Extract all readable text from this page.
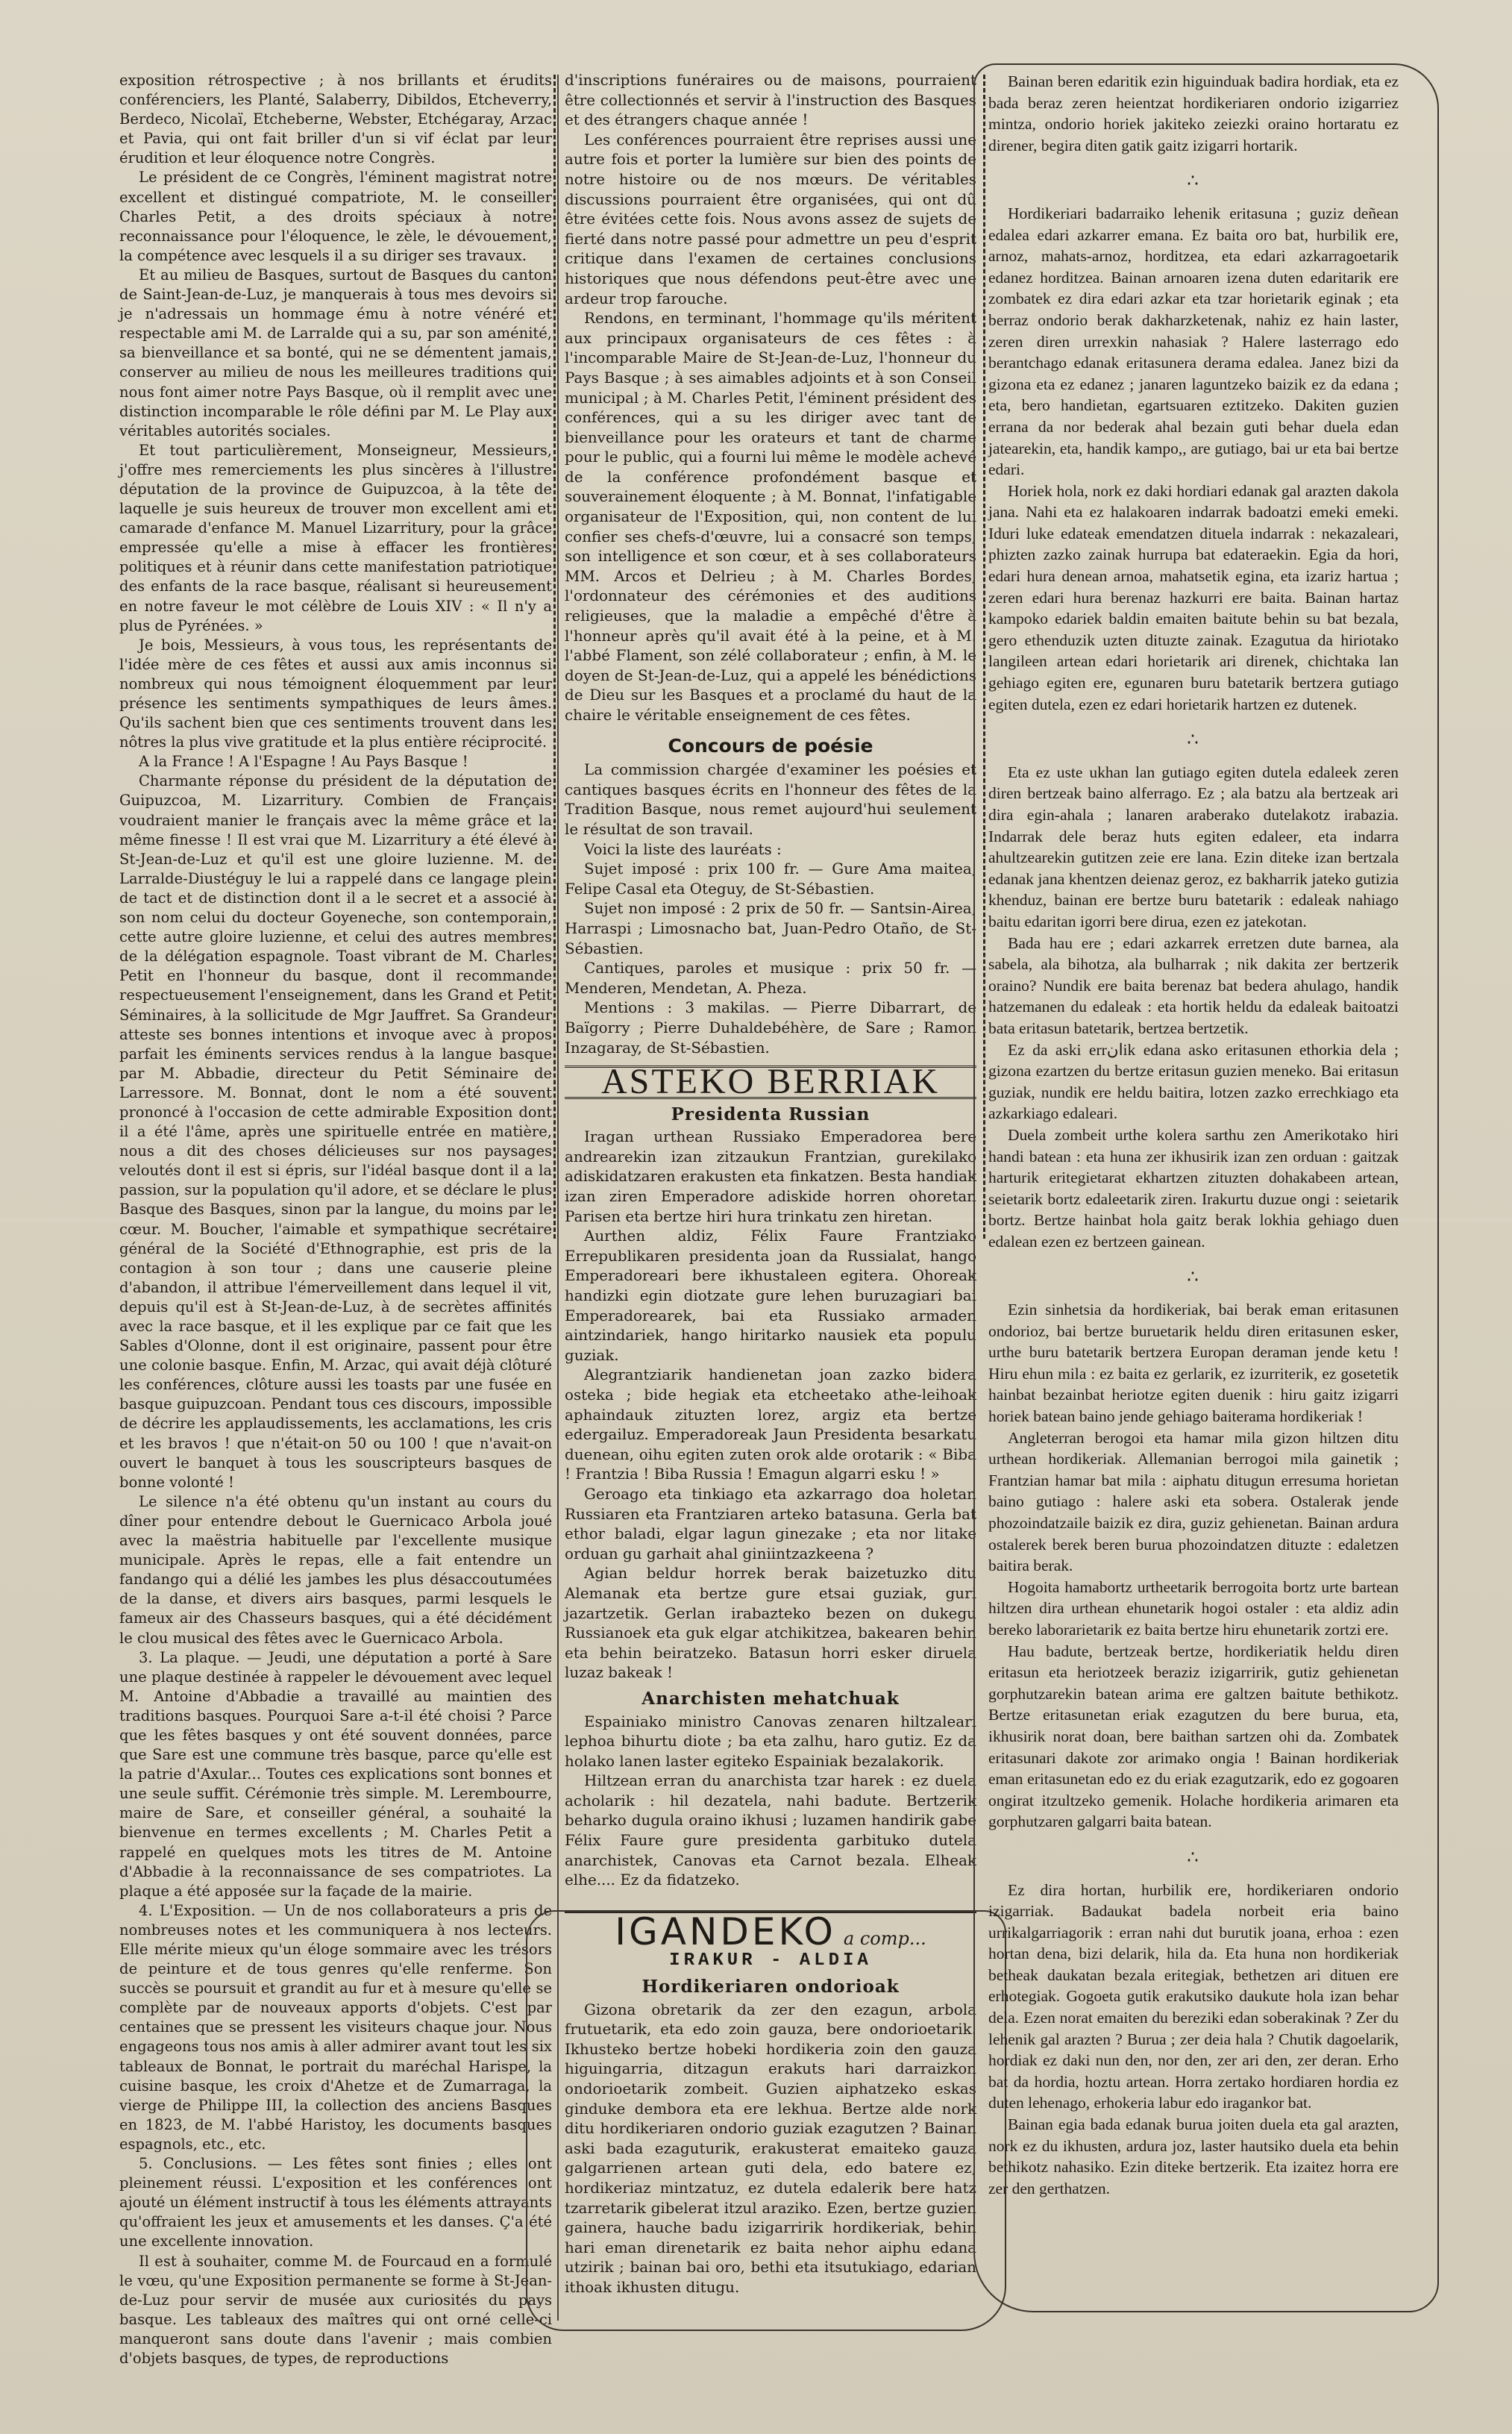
exposition rétrospective ; à nos brillants et érudits conférenciers, les Planté, Salaberry, Dibildos, Etcheverry, Berdeco, Nicolaï, Etcheberne, Webster, Etchégaray, Arzac et Pavia, qui ont fait briller d'un si vif éclat par leur érudition et leur éloquence notre Congrès.

Le président de ce Congrès, l'éminent magistrat notre excellent et distingué compatriote, M. le conseiller Charles Petit, a des droits spéciaux à notre reconnaissance pour l'éloquence, le zèle, le dévouement, la compétence avec lesquels il a su diriger ses travaux.

Et au milieu de Basques, surtout de Basques du canton de Saint-Jean-de-Luz, je manquerais à tous mes devoirs si je n'adressais un hommage ému à notre vénéré et respectable ami M. de Larralde qui a su, par son aménité, sa bienveillance et sa bonté, qui ne se démentent jamais, conserver au milieu de nous les meilleures traditions qui nous font aimer notre Pays Basque, où il remplit avec une distinction incomparable le rôle défini par M. Le Play aux véritables autorités sociales.

Et tout particulièrement, Monseigneur, Messieurs, j'offre mes remerciements les plus sincères à l'illustre députation de la province de Guipuzcoa, à la tête de laquelle je suis heureux de trouver mon excellent ami et camarade d'enfance M. Manuel Lizarritury, pour la grâce empressée qu'elle a mise à effacer les frontières politiques et à réunir dans cette manifestation patriotique des enfants de la race basque, réalisant si heureusement en notre faveur le mot célèbre de Louis XIV : « Il n'y a plus de Pyrénées. »

Je bois, Messieurs, à vous tous, les représentants de l'idée mère de ces fêtes et aussi aux amis inconnus si nombreux qui nous témoignent éloquemment par leur présence les sentiments sympathiques de leurs âmes. Qu'ils sachent bien que ces sentiments trouvent dans les nôtres la plus vive gratitude et la plus entière réciprocité.

A la France ! A l'Espagne ! Au Pays Basque !

Charmante réponse du président de la députation de Guipuzcoa, M. Lizarritury. Combien de Français voudraient manier le français avec la même grâce et la même finesse ! Il est vrai que M. Lizarritury a été élevé à St-Jean-de-Luz et qu'il est une gloire luzienne. M. de Larralde-Diustéguy le lui a rappelé dans ce langage plein de tact et de distinction dont il a le secret et a associé à son nom celui du docteur Goyeneche, son contemporain, cette autre gloire luzienne, et celui des autres membres de la délégation espagnole. Toast vibrant de M. Charles Petit en l'honneur du basque, dont il recommande respectueusement l'enseignement, dans les Grand et Petit Séminaires, à la sollicitude de Mgr Jauffret. Sa Grandeur atteste ses bonnes intentions et invoque avec à propos parfait les éminents services rendus à la langue basque par M. Abbadie, directeur du Petit Séminaire de Larressore. M. Bonnat, dont le nom a été souvent prononcé à l'occasion de cette admirable Exposition dont il a été l'âme, après une spirituelle entrée en matière, nous a dit des choses délicieuses sur nos paysages veloutés dont il est si épris, sur l'idéal basque dont il a la passion, sur la population qu'il adore, et se déclare le plus Basque des Basques, sinon par la langue, du moins par le cœur. M. Boucher, l'aimable et sympathique secrétaire général de la Société d'Ethnographie, est pris de la contagion à son tour ; dans une causerie pleine d'abandon, il attribue l'émerveillement dans lequel il vit, depuis qu'il est à St-Jean-de-Luz, à de secrètes affinités avec la race basque, et il les explique par ce fait que les Sables d'Olonne, dont il est originaire, passent pour être une colonie basque. Enfin, M. Arzac, qui avait déjà clôturé les conférences, clôture aussi les toasts par une fusée en basque guipuzcoan. Pendant tous ces discours, impossible de décrire les applaudissements, les acclamations, les cris et les bravos ! que n'était-on 50 ou 100 ! que n'avait-on ouvert le banquet à tous les souscripteurs basques de bonne volonté !

Le silence n'a été obtenu qu'un instant au cours du dîner pour entendre debout le Guernicaco Arbola joué avec la maëstria habituelle par l'excellente musique municipale. Après le repas, elle a fait entendre un fandango qui a délié les jambes les plus désaccoutumées de la danse, et divers airs basques, parmi lesquels le fameux air des Chasseurs basques, qui a été décidément le clou musical des fêtes avec le Guernicaco Arbola.

3. La plaque. — Jeudi, une députation a porté à Sare une plaque destinée à rappeler le dévouement avec lequel M. Antoine d'Abbadie a travaillé au maintien des traditions basques. Pourquoi Sare a-t-il été choisi ? Parce que les fêtes basques y ont été souvent données, parce que Sare est une commune très basque, parce qu'elle est la patrie d'Axular... Toutes ces explications sont bonnes et une seule suffit. Cérémonie très simple. M. Lerembourre, maire de Sare, et conseiller général, a souhaité la bienvenue en termes excellents ; M. Charles Petit a rappelé en quelques mots les titres de M. Antoine d'Abbadie à la reconnaissance de ses compatriotes. La plaque a été apposée sur la façade de la mairie.

4. L'Exposition. — Un de nos collaborateurs a pris de nombreuses notes et les communiquera à nos lecteurs. Elle mérite mieux qu'un éloge sommaire avec les trésors de peinture et de tous genres qu'elle renferme. Son succès se poursuit et grandit au fur et à mesure qu'elle se complète par de nouveaux apports d'objets. C'est par centaines que se pressent les visiteurs chaque jour. Nous engageons tous nos amis à aller admirer avant tout les six tableaux de Bonnat, le portrait du maréchal Harispe, la cuisine basque, les croix d'Ahetze et de Zumarraga, la vierge de Philippe III, la collection des anciens Basques en 1823, de M. l'abbé Haristoy, les documents basques espagnols, etc., etc.

5. Conclusions. — Les fêtes sont finies ; elles ont pleinement réussi. L'exposition et les conférences ont ajouté un élément instructif à tous les éléments attrayants qu'offraient les jeux et amusements et les danses. Ç'a été une excellente innovation.

Il est à souhaiter, comme M. de Fourcaud en a formulé le vœu, qu'une Exposition permanente se forme à St-Jean-de-Luz pour servir de musée aux curiosités du pays basque. Les tableaux des maîtres qui ont orné celle-ci manqueront sans doute dans l'avenir ; mais combien d'objets basques, de types, de reproductions

d'inscriptions funéraires ou de maisons, pourraient être collectionnés et servir à l'instruction des Basques et des étrangers chaque année !

Les conférences pourraient être reprises aussi une autre fois et porter la lumière sur bien des points de notre histoire ou de nos mœurs. De véritables discussions pourraient être organisées, qui ont dû être évitées cette fois. Nous avons assez de sujets de fierté dans notre passé pour admettre un peu d'esprit critique dans l'examen de certaines conclusions historiques que nous défendons peut-être avec une ardeur trop farouche.

Rendons, en terminant, l'hommage qu'ils méritent aux principaux organisateurs de ces fêtes : à l'incomparable Maire de St-Jean-de-Luz, l'honneur du Pays Basque ; à ses aimables adjoints et à son Conseil municipal ; à M. Charles Petit, l'éminent président des conférences, qui a su les diriger avec tant de bienveillance pour les orateurs et tant de charme pour le public, qui a fourni lui même le modèle achevé de la conférence profondément basque et souverainement éloquente ; à M. Bonnat, l'infatigable organisateur de l'Exposition, qui, non content de lui confier ses chefs-d'œuvre, lui a consacré son temps, son intelligence et son cœur, et à ses collaborateurs MM. Arcos et Delrieu ; à M. Charles Bordes, l'ordonnateur des cérémonies et des auditions religieuses, que la maladie a empêché d'être à l'honneur après qu'il avait été à la peine, et à M. l'abbé Flament, son zélé collaborateur ; enfin, à M. le doyen de St-Jean-de-Luz, qui a appelé les bénédictions de Dieu sur les Basques et a proclamé du haut de la chaire le véritable enseignement de ces fêtes.

Concours de poésie

La commission chargée d'examiner les poésies et cantiques basques écrits en l'honneur des fêtes de la Tradition Basque, nous remet aujourd'hui seulement le résultat de son travail.

Voici la liste des lauréats :

Sujet imposé : prix 100 fr. — Gure Ama maitea, Felipe Casal eta Oteguy, de St-Sébastien.

Sujet non imposé : 2 prix de 50 fr. — Santsin-Airea, Harraspi ; Limosnacho bat, Juan-Pedro Otaño, de St-Sébastien.

Cantiques, paroles et musique : prix 50 fr. — Menderen, Mendetan, A. Pheza.

Mentions : 3 makilas. — Pierre Dibarrart, de Baïgorry ; Pierre Duhaldebéhère, de Sare ; Ramon Inzagaray, de St-Sébastien.

ASTEKO BERRIAK
Presidenta Russian

Iragan urthean Russiako Emperadorea bere andrearekin izan zitzaukun Frantzian, gurekilako adiskidatzaren erakusten eta finkatzen. Besta handiak izan ziren Emperadore adiskide horren ohoretan Parisen eta bertze hiri hura trinkatu zen hiretan.

Aurthen aldiz, Félix Faure Frantziako Errepublikaren presidenta joan da Russialat, hango Emperadoreari bere ikhustaleen egitera. Ohoreak handizki egin diotzate gure lehen buruzagiari bai Emperadorearek, bai eta Russiako armaden aintzindariek, hango hiritarko nausiek eta populu guziak.

Alegrantziarik handienetan joan zazko bidera osteka ; bide hegiak eta etcheetako athe-leihoak aphaindauk zituzten lorez, argiz eta bertze edergailuz. Emperadoreak Jaun Presidenta besarkatu duenean, oihu egiten zuten orok alde orotarik : « Biba ! Frantzia ! Biba Russia ! Emagun algarri esku ! »

Geroago eta tinkiago eta azkarrago doa holetan Russiaren eta Frantziaren arteko batasuna. Gerla bat ethor baladi, elgar lagun ginezake ; eta nor litake orduan gu garhait ahal giniintzazkeena ?

Agian beldur horrek berak baizetuzko ditu Alemanak eta bertze gure etsai guziak, guri jazartzetik. Gerlan irabazteko bezen on dukegu Russianoek eta guk elgar atchikitzea, bakearen behin eta behin beiratzeko. Batasun horri esker diruela luzaz bakeak !

Anarchisten mehatchuak

Espainiako ministro Canovas zenaren hiltzaleari lephoa bihurtu diote ; ba eta zalhu, haro gutiz. Ez da holako lanen laster egiteko Espainiak bezalakorik.

Hiltzean erran du anarchista tzar harek : ez duela acholarik : hil dezatela, nahi badute. Bertzerik beharko dugula oraino ikhusi ; luzamen handirik gabe Félix Faure gure presidenta garbituko dutela anarchistek, Canovas eta Carnot bezala. Elheak elhe.... Ez da fidatzeko.

IGANDEKO a comp...
IRAKUR - ALDIA
Hordikeriaren ondorioak

Gizona obretarik da zer den ezagun, arbola frutuetarik, eta edo zoin gauza, bere ondorioetarik. Ikhusteko bertze hobeki hordikeria zoin den gauza higuingarria, ditzagun erakuts hari darraizkon ondorioetarik zombeit. Guzien aiphatzeko eskas ginduke dembora eta ere lekhua. Bertze alde nork ditu hordikeriaren ondorio guziak ezagutzen ? Bainan aski bada ezaguturik, erakusterat emaiteko gauza galgarrienen artean guti dela, edo batere ez, hordikeriaz mintzatuz, ez dutela edalerik bere hatz tzarretarik gibelerat itzul araziko. Ezen, bertze guzien gainera, hauche badu izigarririk hordikeriak, behin hari eman direnetarik ez baita nehor aiphu edana utzirik ; bainan bai oro, bethi eta itsutukiago, edarian ithoak ikhusten ditugu.

Bainan beren edaritik ezin higuinduak badira hordiak, eta ez bada beraz zeren heientzat hordikeriaren ondorio izigarriez mintza, ondorio horiek jakiteko zeiezki oraino hortaratu ez direner, begira diten gatik gaitz izigarri hortarik.

∴

Hordikeriari badarraiko lehenik eritasuna ; guziz deñean edalea edari azkarrer emana. Ez baita oro bat, hurbilik ere, arnoz, mahats-arnoz, horditzea, eta edari azkarragoetarik edanez horditzea. Bainan arnoaren izena duten edaritarik ere zombatek ez dira edari azkar eta tzar horietarik eginak ; eta berraz ondorio berak dakharzketenak, nahiz ez hain laster, zeren diren urrexkin nahasiak ? Halere lasterrago edo berantchago edanak eritasunera derama edalea. Janez bizi da gizona eta ez edanez ; janaren laguntzeko baizik ez da edana ; eta, bero handietan, egartsuaren eztitzeko. Dakiten guzien errana da nor bederak ahal bezain guti behar duela edan jatearekin, eta, handik kampo,, are gutiago, bai ur eta bai bertze edari.

Horiek hola, nork ez daki hordiari edanak gal arazten dakola jana. Nahi eta ez halakoaren indarrak badoatzi emeki emeki. Iduri luke edateak emendatzen dituela indarrak : nekazaleari, phizten zazko zainak hurrupa bat edateraekin. Egia da hori, edari hura denean arnoa, mahatsetik egina, eta izariz hartua ; zeren edari hura berenaz hazkurri ere baita. Bainan hartaz kampoko edariek baldin emaiten baitute behin su bat bezala, gero ethenduzik uzten dituzte zainak. Ezagutua da hiriotako langileen artean edari horietarik ari direnek, chichtaka lan gehiago egiten ere, egunaren buru batetarik bertzera gutiago egiten dutela, ezen ez edari horietarik hartzen ez dutenek.

∴

Eta ez uste ukhan lan gutiago egiten dutela edaleek zeren diren bertzeak baino alferrago. Ez ; ala batzu ala bertzeak ari dira egin-ahala ; lanaren araberako dutelakotz irabazia. Indarrak dele beraz huts egiten edaleer, eta indarra ahultzearekin gutitzen zeie ere lana. Ezin diteke izan bertzala edanak jana khentzen deienaz geroz, ez bakharrik jateko gutizia khenduz, bainan ere bertze buru batetarik : edaleak nahiago baitu edaritan igorri bere dirua, ezen ez jatekotan.

Bada hau ere ; edari azkarrek erretzen dute barnea, ala sabela, ala bihotza, ala bulharrak ; nik dakita zer bertzerik oraino? Nundik ere baita berenaz bat bedera ahulago, handik hatzemanen du edaleak : eta hortik heldu da edaleak baitoatzi bata eritasun batetarik, bertzea bertzetik.

Ez da aski errانik edana asko eritasunen ethorkia dela ; gizona ezartzen du bertze eritasun guzien meneko. Bai eritasun guziak, nundik ere heldu baitira, lotzen zazko errechkiago eta azkarkiago edaleari.

Duela zombeit urthe kolera sarthu zen Amerikotako hiri handi batean : eta huna zer ikhusirik izan zen orduan : gaitzak harturik eritegietarat ekhartzen zituzten dohakabeen artean, seietarik bortz edaleetarik ziren. Irakurtu duzue ongi : seietarik bortz. Bertze hainbat hola gaitz berak lokhia gehiago duen edalean ezen ez bertzeen gainean.

∴

Ezin sinhetsia da hordikeriak, bai berak eman eritasunen ondorioz, bai bertze buruetarik heldu diren eritasunen esker, urthe buru batetarik bertzera Europan deraman jende ketu ! Hiru ehun mila : ez baita ez gerlarik, ez izurriterik, ez gosetetik hainbat bezainbat heriotze egiten duenik : hiru gaitz izigarri horiek batean baino jende gehiago baiterama hordikeriak !

Angleterran berogoi eta hamar mila gizon hiltzen ditu urthean hordikeriak. Allemanian berrogoi mila gainetik ; Frantzian hamar bat mila : aiphatu ditugun erresuma horietan baino gutiago : halere aski eta sobera. Ostalerak jende phozoindatzaile baizik ez dira, guziz gehienetan. Bainan ardura ostalerek berek beren burua phozoindatzen dituzte : edaletzen baitira berak.

Hogoita hamabortz urtheetarik berrogoita bortz urte bartean hiltzen dira urthean ehunetarik hogoi ostaler : eta aldiz adin bereko laborarietarik ez baita bertze hiru ehunetarik zortzi ere.

Hau badute, bertzeak bertze, hordikeriatik heldu diren eritasun eta heriotzeek beraziz izigarririk, gutiz gehienetan gorphutzarekin batean arima ere galtzen baitute bethikotz. Bertze eritasunetan eriak ezagutzen du bere burua, eta, ikhusirik norat doan, bere baithan sartzen ohi da. Zombatek eritasunari dakote zor arimako ongia ! Bainan hordikeriak eman eritasunetan edo ez du eriak ezagutzarik, edo ez gogoaren ongirat itzultzeko gemenik. Holache hordikeria arimaren eta gorphutzaren galgarri baita batean.

∴

Ez dira hortan, hurbilik ere, hordikeriaren ondorio izigarriak. Badaukat badela norbeit eria baino urrikalgarriagorik : erran nahi dut burutik joana, erhoa : ezen hortan dena, bizi delarik, hila da. Eta huna non hordikeriak betheak daukatan bezala eritegiak, bethetzen ari dituen ere erhotegiak. Gogoeta gutik erakutsiko daukute hola izan behar dela. Ezen norat emaiten du bereziki edan soberakinak ? Zer du lehenik gal arazten ? Burua ; zer deia hala ? Chutik dagoelarik, hordiak ez daki nun den, nor den, zer ari den, zer deran. Erho bat da hordia, hoztu artean. Horra zertako hordiaren hordia ez duten lehenago, erhokeria labur edo iragankor bat.

Bainan egia bada edanak burua joiten duela eta gal arazten, nork ez du ikhusten, ardura joz, laster hautsiko duela eta behin bethikotz nahasiko. Ezin ditekе bertzerik. Eta izaitez horra ere zer den gerthatzen.
